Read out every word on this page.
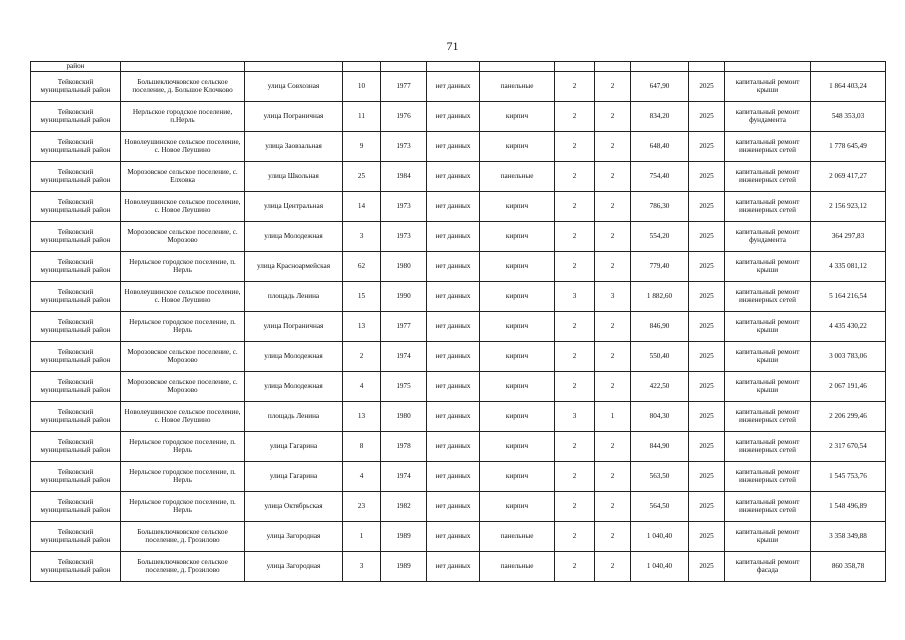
71
район												
Тейковский муниципальный район	Большеключковское сельское поселение, д. Большое Клочково	улица Совхозная	10	1977	нет данных	панельные	2	2	647,90	2025	капитальный ремонт крыши	1 864 403,24
Тейковский муниципальный район	Нерльское городское поселение, п.Нерль	улица Пограничная	11	1976	нет данных	кирпич	2	2	834,20	2025	капитальный ремонт фундамента	548 353,03
Тейковский муниципальный район	Новолеушинское сельское поселение, с. Новое Леушино	улица Заовзальная	9	1973	нет данных	кирпич	2	2	648,40	2025	капитальный ремонт инженерных сетей	1 778 645,49
Тейковский муниципальный район	Морозовское сельское поселение, с. Елховка	улица Школьная	25	1984	нет данных	панельные	2	2	754,40	2025	капитальный ремонт инженерных сетей	2 069 417,27
Тейковский муниципальный район	Новолеушинское сельское поселение, с. Новое Леушино	улица Центральная	14	1973	нет данных	кирпич	2	2	786,30	2025	капитальный ремонт инженерных сетей	2 156 923,12
Тейковский муниципальный район	Морозовское сельское поселение, с. Морозово	улица Молодежная	3	1973	нет данных	кирпич	2	2	554,20	2025	капитальный ремонт фундамента	364 297,83
Тейковский муниципальный район	Нерльское городское поселение, п. Нерль	улица Красноармейская	62	1980	нет данных	кирпич	2	2	779,40	2025	капитальный ремонт крыши	4 335 081,12
Тейковский муниципальный район	Новолеушинское сельское поселение, с. Новое Леушино	площадь Ленина	15	1990	нет данных	кирпич	3	3	1 882,60	2025	капитальный ремонт инженерных сетей	5 164 216,54
Тейковский муниципальный район	Нерльское городское поселение, п. Нерль	улица Пограничная	13	1977	нет данных	кирпич	2	2	846,90	2025	капитальный ремонт крыши	4 435 430,22
Тейковский муниципальный район	Морозовское сельское поселение, с. Морозово	улица Молодежная	2	1974	нет данных	кирпич	2	2	550,40	2025	капитальный ремонт крыши	3 003 783,06
Тейковский муниципальный район	Морозовское сельское поселение, с. Морозово	улица Молодежная	4	1975	нет данных	кирпич	2	2	422,50	2025	капитальный ремонт крыши	2 067 191,46
Тейковский муниципальный район	Новолеушинское сельское поселение, с. Новое Леушино	площадь Ленина	13	1980	нет данных	кирпич	3	1	804,30	2025	капитальный ремонт инженерных сетей	2 206 299,46
Тейковский муниципальный район	Нерльское городское поселение, п. Нерль	улица Гагарина	8	1978	нет данных	кирпич	2	2	844,90	2025	капитальный ремонт инженерных сетей	2 317 670,54
Тейковский муниципальный район	Нерльское городское поселение, п. Нерль	улица Гагарина	4	1974	нет данных	кирпич	2	2	563,50	2025	капитальный ремонт инженерных сетей	1 545 753,76
Тейковский муниципальный район	Нерльское городское поселение, п. Нерль	улица Октябрьская	23	1982	нет данных	кирпич	2	2	564,50	2025	капитальный ремонт инженерных сетей	1 548 496,89
Тейковский муниципальный район	Большеключковское сельское поселение, д. Грозилово	улица Загородная	1	1989	нет данных	панельные	2	2	1 040,40	2025	капитальный ремонт крыши	3 358 349,88
Тейковский муниципальный район	Большеключковское сельское поселение, д. Грозилово	улица Загородная	3	1989	нет данных	панельные	2	2	1 040,40	2025	капитальный ремонт фасада	860 358,78
